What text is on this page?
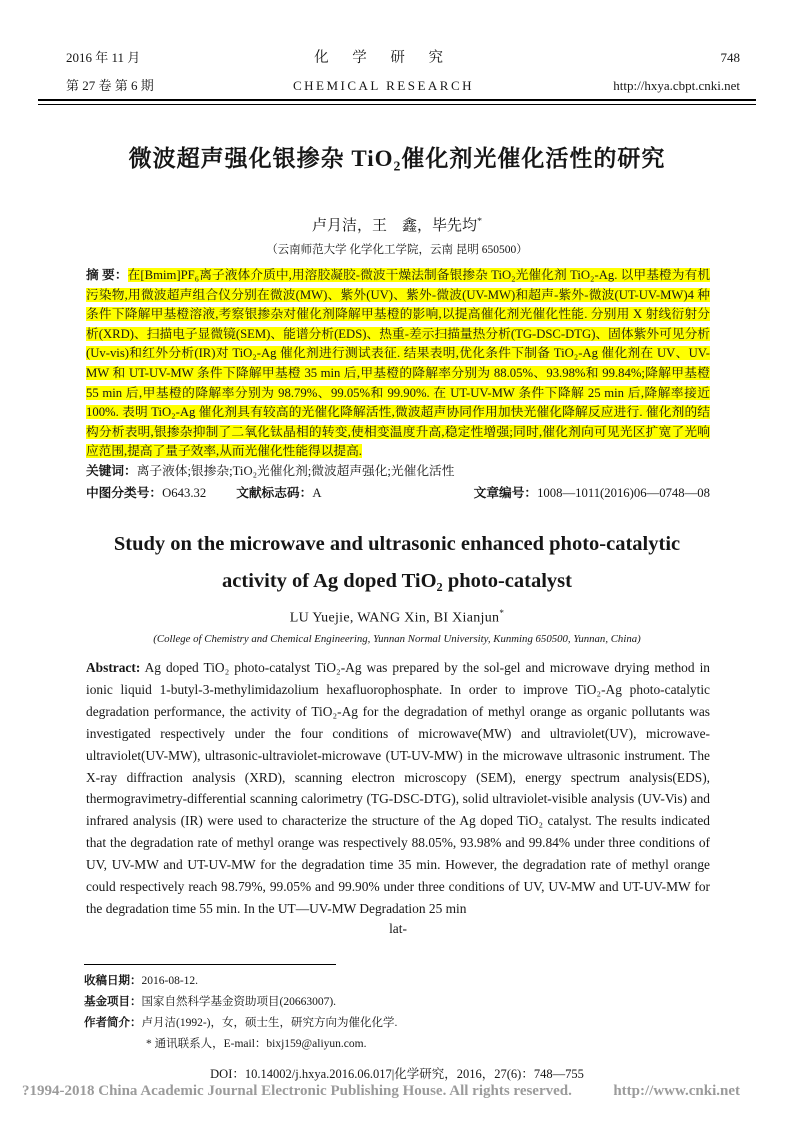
2016 年 11 月
第 27 卷 第 6 期
化 学 研 究
CHEMICAL RESEARCH
748
http://hxya.cbpt.cnki.net
微波超声强化银掺杂 TiO₂催化剂光催化活性的研究
卢月洁，王　鑫，毕先均*
（云南师范大学 化学化工学院，云南 昆明 650500）

摘 要：在[Bmim]PF₆离子液体介质中,用溶胶凝胶-微波干燥法制备银掺杂 TiO₂光催化剂 TiO₂-Ag. 以甲基橙为有机污染物,用微波超声组合仪分别在微波(MW)、紫外(UV)、紫外-微波(UV-MW)和超声-紫外-微波(UT-UV-MW)4 种条件下降解甲基橙溶液,考察银掺杂对催化剂降解甲基橙的影响,以提高催化剂光催化性能. 分别用 X 射线衍射分析(XRD)、扫描电子显微镜(SEM)、能谱分析(EDS)、热重-差示扫描量热分析(TG-DSC-DTG)、固体紫外可见分析(Uv-vis)和红外分析(IR)对 TiO₂-Ag 催化剂进行测试表征. 结果表明,优化条件下制备 TiO₂-Ag 催化剂在 UV、UV-MW 和 UT-UV-MW 条件下降解甲基橙 35 min 后,甲基橙的降解率分别为 88.05%、93.98%和 99.84%;降解甲基橙 55 min 后,甲基橙的降解率分别为 98.79%、99.05%和 99.90%. 在 UT-UV-MW 条件下降解 25 min 后,降解率接近 100%. 表明 TiO₂-Ag 催化剂具有较高的光催化降解活性,微波超声协同作用加快光催化降解反应进行. 催化剂的结构分析表明,银掺杂抑制了二氧化钛晶相的转变,使相变温度升高,稳定性增强;同时,催化剂向可见光区扩宽了光响应范围,提高了量子效率,从而光催化性能得以提高.

关键词：离子液体;银掺杂;TiO₂光催化剂;微波超声强化;光催化活性

中图分类号：O643.32 文献标志码：A	文章编号：1008—1011(2016)06—0748—08
Study on the microwave and ultrasonic enhanced photo-catalytic
activity of Ag doped TiO₂ photo-catalyst
LU Yuejie, WANG Xin, BI Xianjun*
(College of Chemistry and Chemical Engineering, Yunnan Normal University, Kunming 650500, Yunnan, China)

Abstract: Ag doped TiO₂ photo-catalyst TiO₂-Ag was prepared by the sol-gel and microwave drying method in ionic liquid 1-butyl-3-methylimidazolium hexafluorophosphate. In order to improve TiO₂-Ag photo-catalytic degradation performance, the activity of TiO₂-Ag for the degradation of methyl orange as organic pollutants was investigated respectively under the four conditions of microwave(MW) and ultraviolet(UV), microwave-ultraviolet(UV-MW), ultrasonic-ultraviolet-microwave (UT-UV-MW) in the microwave ultrasonic instrument. The X-ray diffraction analysis (XRD), scanning electron microscopy (SEM), energy spectrum analysis(EDS), thermogravimetry-differential scanning calorimetry (TG-DSC-DTG), solid ultraviolet-visible analysis (UV-Vis) and infrared analysis (IR) were used to characterize the structure of the Ag doped TiO₂ catalyst. The results indicated that the degradation rate of methyl orange was respectively 88.05%, 93.98% and 99.84% under three conditions of UV, UV-MW and UT-UV-MW for the degradation time 35 min. However, the degradation rate of methyl orange could respectively reach 98.79%, 99.05% and 99.90% under three conditions of UV, UV-MW and UT-UV-MW for the degradation time 55 min. In the UT—UV-MW Degradation 25 min

lat-
收稿日期：2016-08-12.
基金项目：国家自然科学基金资助项目(20663007).
作者简介：卢月洁(1992-)，女，硕士生，研究方向为催化化学.
* 通讯联系人，E-mail：bixj159@aliyun.com.
DOI：10.14002/j.hxya.2016.06.017|化学研究，2016，27(6)：748—755
?1994-2018 China Academic Journal Electronic Publishing House. All rights reserved.	http://www.cnki.net
